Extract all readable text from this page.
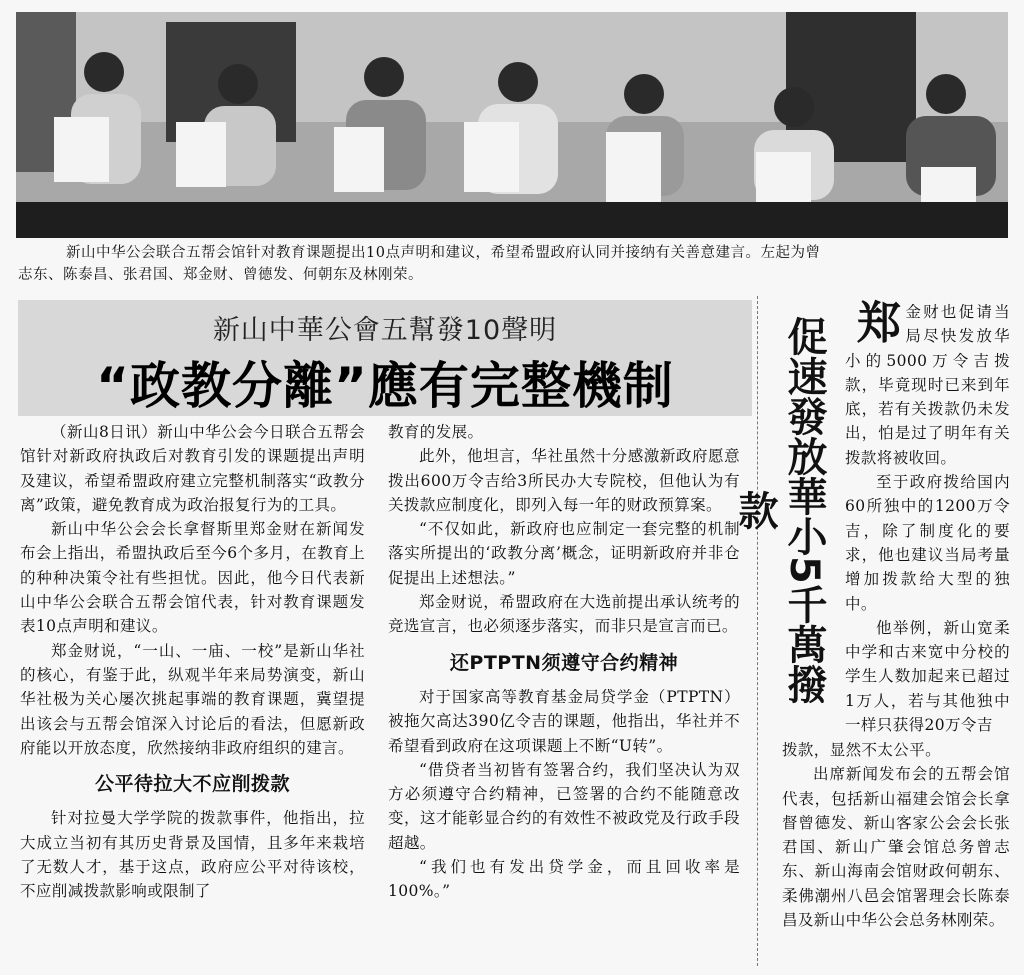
新山中华公会联合五帮会馆针对教育课题提出10点声明和建议，希望希盟政府认同并接纳有关善意建言。左起为曾
志东、陈泰昌、张君国、郑金财、曾德发、何朝东及林刚荣。
新山中華公會五幫發10聲明
“政教分離”應有完整機制

（新山8日讯）新山中华公会今日联合五帮会馆针对新政府执政后对教育引发的课题提出声明及建议，希望希盟政府建立完整机制落实“政教分离”政策，避免教育成为政治报复行为的工具。

新山中华公会会长拿督斯里郑金财在新闻发布会上指出，希盟执政后至今6个多月，在教育上的种种决策令社有些担忧。因此，他今日代表新山中华公会联合五帮会馆代表，针对教育课题发表10点声明和建议。

郑金财说，“一山、一庙、一校”是新山华社的核心，有鉴于此，纵观半年来局势演变，新山华社极为关心屡次挑起事端的教育课题，冀望提出该会与五帮会馆深入讨论后的看法，但愿新政府能以开放态度，欣然接纳非政府组织的建言。

公平待拉大不应削拨款

针对拉曼大学学院的拨款事件，他指出，拉大成立当初有其历史背景及国情，且多年来栽培了无数人才，基于这点，政府应公平对待该校，不应削减拨款影响或限制了

教育的发展。

此外，他坦言，华社虽然十分感激新政府愿意拨出600万令吉给3所民办大专院校，但他认为有关拨款应制度化，即列入每一年的财政预算案。

“不仅如此，新政府也应制定一套完整的机制落实所提出的‘政教分离’概念，证明新政府并非仓促提出上述想法。”

郑金财说，希盟政府在大选前提出承认统考的竞选宣言，也必须逐步落实，而非只是宣言而已。

还PTPTN须遵守合约精神

对于国家高等教育基金局贷学金（PTPTN）被拖欠高达390亿令吉的课题，他指出，华社并不希望看到政府在这项课题上不断“U转”。

“借贷者当初皆有签署合约，我们坚决认为双方必须遵守合约精神，已签署的合约不能随意改变，这才能彰显合约的有效性不被政党及行政手段超越。

“我们也有发出贷学金，而且回收率是100%。”

促速發放華小5千萬撥款

郑金财也促请当局尽快发放华小的5000万令吉拨款，毕竟现时已来到年底，若有关拨款仍未发出，怕是过了明年有关拨款将被收回。

至于政府拨给国内60所独中的1200万令吉，除了制度化的要求，他也建议当局考量增加拨款给大型的独中。

他举例，新山宽柔中学和古来宽中分校的学生人数加起来已超过1万人，若与其他独中一样只获得20万令吉

拨款，显然不太公平。

出席新闻发布会的五帮会馆代表，包括新山福建会馆会长拿督曾德发、新山客家公会会长张君国、新山广肇会馆总务曾志东、新山海南会馆财政何朝东、柔佛潮州八邑会馆署理会长陈泰昌及新山中华公会总务林刚荣。
